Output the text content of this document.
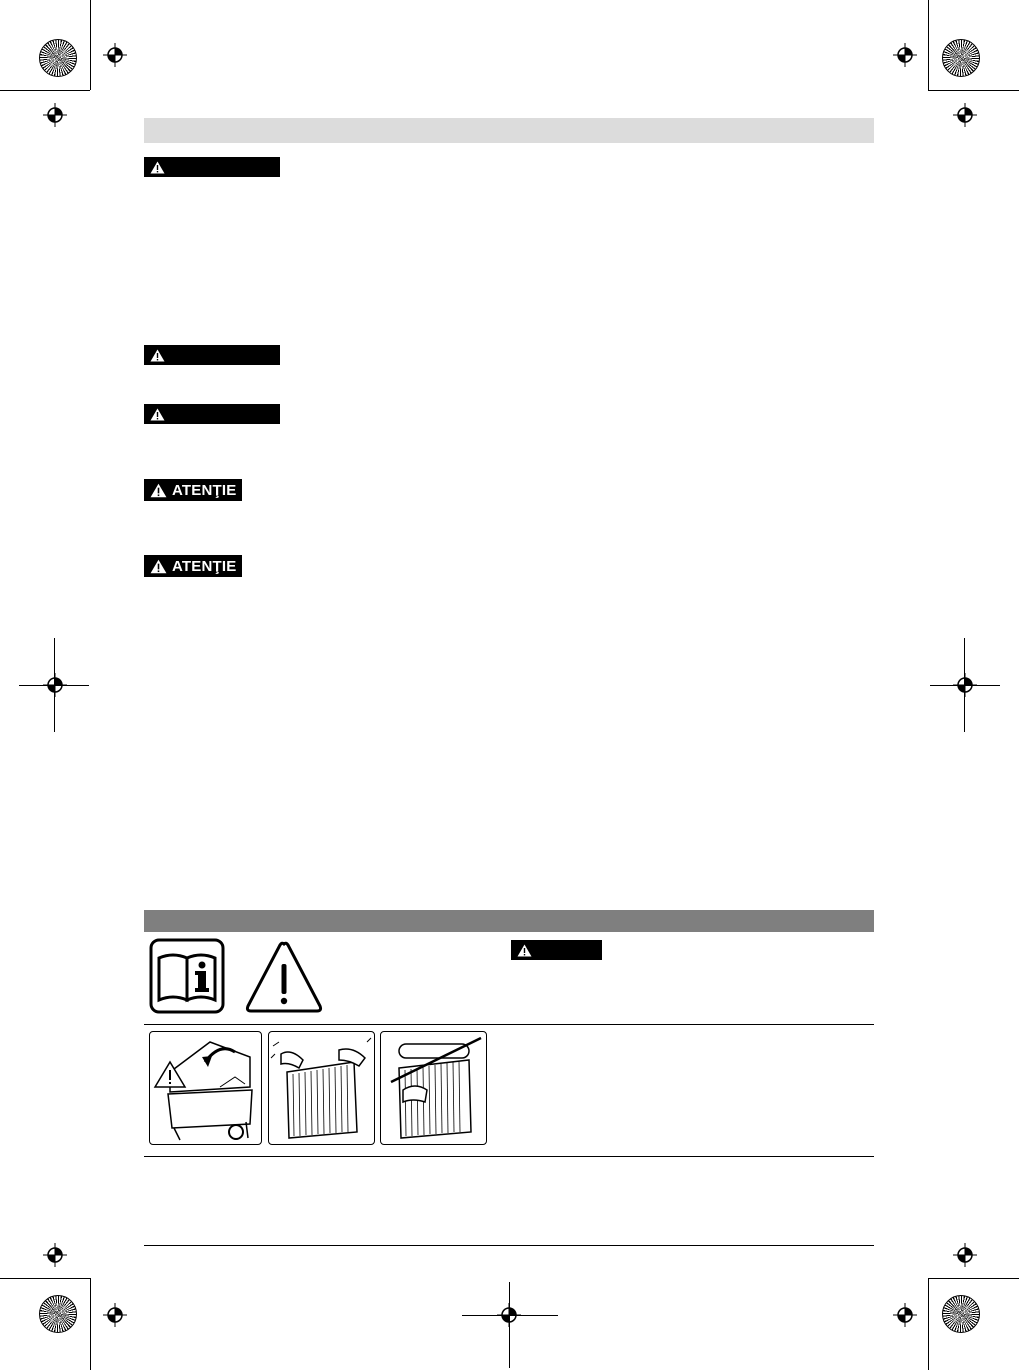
ATENŢIE
ATENŢIE
